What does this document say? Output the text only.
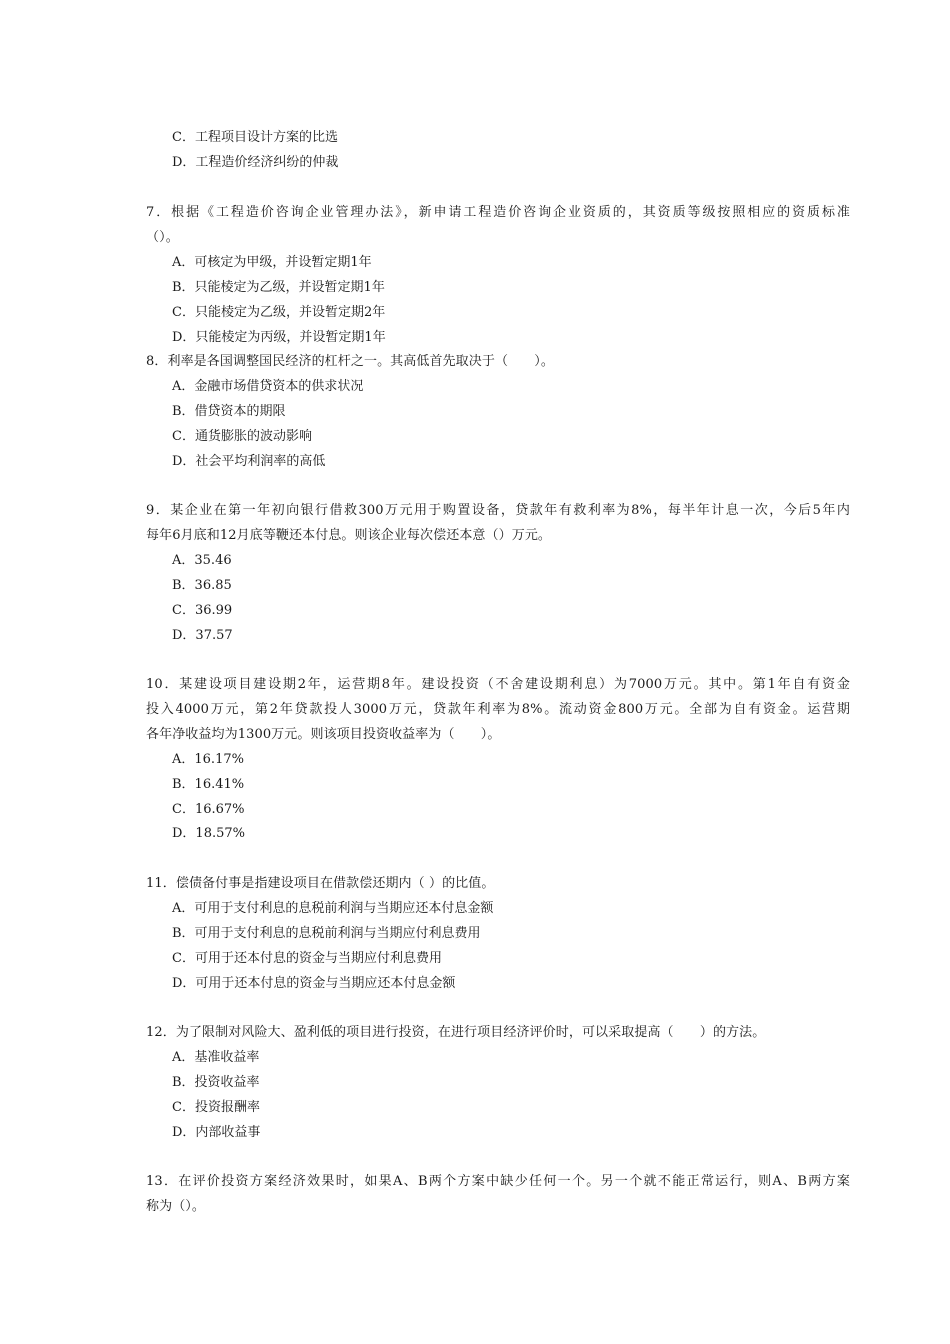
C．工程项目设计方案的比选
D．工程造价经济纠纷的仲裁
7．根据《工程造价咨询企业管理办法》，新申请工程造价咨询企业资质的，其资质等级按照相应的资质标准
（）。
A．可核定为甲级，并设暂定期1年
B．只能棱定为乙级，并设暂定期1年
C．只能棱定为乙级，并设暂定期2年
D．只能棱定为丙级，并设暂定期1年
8．利率是各国调整国民经济的杠杆之一。其高低首先取决于（　　）。
A．金融市场借贷资本的供求状况
B．借贷资本的期限
C．通货膨胀的波动影响
D．社会平均利润率的高低
9．某企业在第一年初向银行借救300万元用于购置设备，贷款年有救利率为8%，每半年计息一次，今后5年内
每年6月底和12月底等鞭还本付息。则该企业每次偿还本意（）万元。
A．35.46
B．36.85
C．36.99
D．37.57
10．某建设项目建设期2年，运营期8年。建设投资（不舍建设期利息）为7000万元。其中。第1年自有资金
投入4000万元，第2年贷款投人3000万元，贷款年利率为8%。流动资金800万元。全部为自有资金。运营期
各年净收益均为1300万元。则该项目投资收益率为（　　）。
A．16.17%
B．16.41%
C．16.67%
D．18.57%
11．偿债备付事是指建设项目在借款偿还期内（ ）的比值。
A．可用于支付利息的息税前利润与当期应还本付息金额
B．可用于支付利息的息税前利润与当期应付利息费用
C．可用于还本付息的资金与当期应付利息费用
D．可用于还本付息的资金与当期应还本付息金额
12．为了限制对风险大、盈利低的项目进行投资，在进行项目经济评价时，可以采取提高（　　）的方法。
A．基准收益率
B．投资收益率
C．投资报酬率
D．内部收益事
13．在评价投资方案经济效果时，如果A、B两个方案中缺少任何一个。另一个就不能正常运行，则A、B两方案
称为（）。
